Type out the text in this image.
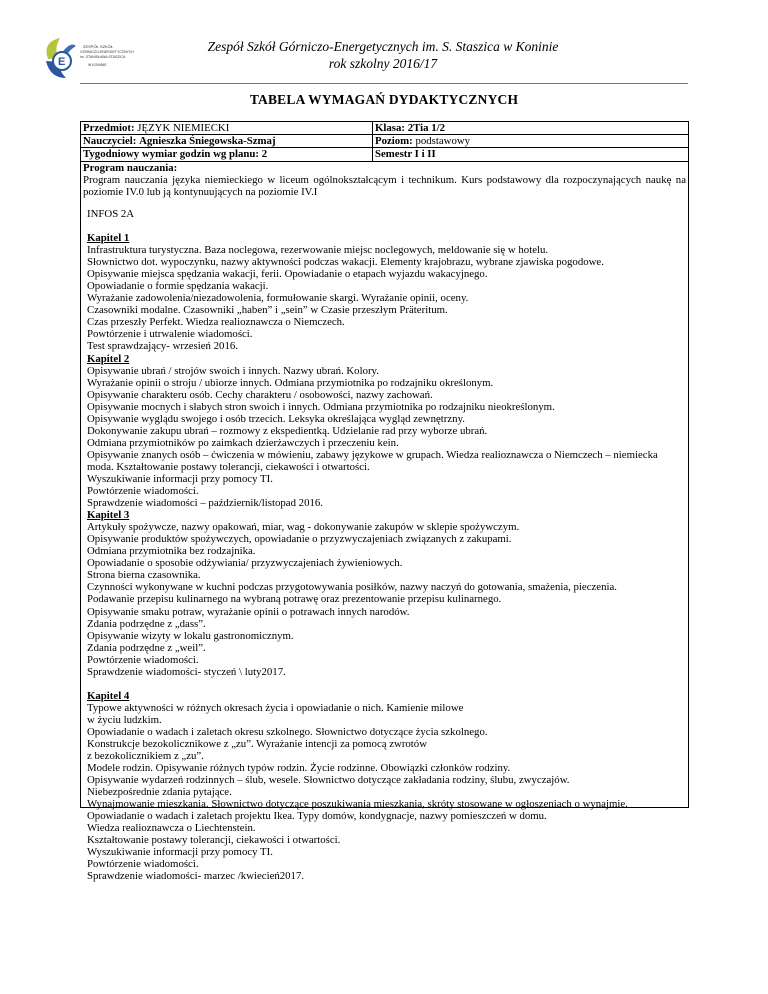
E
ZESPÓŁ SZKÓŁ
GÓRNICZO-ENERGETYCZNYCH
im. STANISŁAWA STASZICA
W KONINIE
Zespół Szkół Górniczo-Energetycznych im. S. Staszica w Koninie
rok szkolny 2016/17
TABELA WYMAGAŃ DYDAKTYCZNYCH
Przedmiot: JĘZYK NIEMIECKI	Klasa: 2Tia 1/2
Nauczyciel: Agnieszka Śniegowska-Szmaj	Poziom: podstawowy
Tygodniowy wymiar godzin wg planu: 2	Semestr I i II

Program nauczania:
Program nauczania języka niemieckiego w liceum ogólnokształcącym i technikum. Kurs podstawowy dla rozpoczynających naukę na poziomie IV.0 lub ją kontynuujących na poziomie IV.I	
INFOS 2A
Kapitel 1
Infrastruktura turystyczna. Baza noclegowa, rezerwowanie miejsc noclegowych, meldowanie się w hotelu.
Słownictwo dot. wypoczynku, nazwy aktywności podczas wakacji. Elementy krajobrazu, wybrane zjawiska pogodowe.
Opisywanie miejsca spędzania wakacji, ferii. Opowiadanie o etapach wyjazdu wakacyjnego.
Opowiadanie o formie spędzania wakacji.
Wyrażanie zadowolenia/niezadowolenia, formułowanie skargi. Wyrażanie opinii, oceny.
Czasowniki modalne. Czasowniki „haben” i „sein” w Czasie przeszłym Präteritum.
Czas przeszły Perfekt. Wiedza realioznawcza o Niemczech.
Powtórzenie i utrwalenie wiadomości.
Test sprawdzający- wrzesień 2016.
Kapitel 2
Opisywanie ubrań / strojów swoich i innych. Nazwy ubrań. Kolory.
Wyrażanie opinii o stroju / ubiorze innych. Odmiana przymiotnika po rodzajniku określonym.
Opisywanie charakteru osób. Cechy charakteru / osobowości, nazwy zachowań.
Opisywanie mocnych i słabych stron swoich i innych. Odmiana przymiotnika po rodzajniku nieokreślonym.
Opisywanie wyglądu swojego i osób trzecich. Leksyka określająca wygląd zewnętrzny.
Dokonywanie zakupu ubrań – rozmowy z ekspedientką. Udzielanie rad przy wyborze ubrań.
Odmiana przymiotników po zaimkach dzierżawczych i przeczeniu kein.
Opisywanie znanych osób – ćwiczenia w mówieniu, zabawy językowe w grupach. Wiedza realioznawcza o Niemczech – niemiecka
moda. Kształtowanie postawy tolerancji, ciekawości i otwartości.
Wyszukiwanie informacji przy pomocy TI.
Powtórzenie wiadomości.
Sprawdzenie wiadomości – październik/listopad 2016.
Kapitel 3
Artykuły spożywcze, nazwy opakowań, miar, wag - dokonywanie zakupów w sklepie spożywczym.
Opisywanie produktów spożywczych, opowiadanie o przyzwyczajeniach związanych z zakupami.
Odmiana przymiotnika bez rodzajnika.
Opowiadanie o sposobie odżywiania/ przyzwyczajeniach żywieniowych.
Strona bierna czasownika.
Czynności wykonywane w kuchni podczas przygotowywania posiłków, nazwy naczyń do gotowania, smażenia, pieczenia.
Podawanie przepisu kulinarnego na wybraną potrawę oraz prezentowanie przepisu kulinarnego.
Opisywanie smaku potraw, wyrażanie opinii o potrawach innych narodów.
Zdania podrzędne z „dass”.
Opisywanie wizyty w lokalu gastronomicznym.
Zdania podrzędne z „weil”.
Powtórzenie wiadomości.
Sprawdzenie wiadomości- styczeń \ luty2017.
Kapitel 4
Typowe aktywności w różnych okresach życia i opowiadanie o nich. Kamienie milowe
w życiu ludzkim.
Opowiadanie o wadach i zaletach okresu szkolnego. Słownictwo dotyczące życia szkolnego.
Konstrukcje bezokolicznikowe z „zu”. Wyrażanie intencji za pomocą zwrotów
z bezokolicznikiem z „zu”.
Modele rodzin. Opisywanie różnych typów rodzin. Życie rodzinne. Obowiązki członków rodziny.
Opisywanie wydarzeń rodzinnych – ślub, wesele. Słownictwo dotyczące zakładania rodziny, ślubu, zwyczajów.
Niebezpośrednie zdania pytające.
Wynajmowanie mieszkania. Słownictwo dotyczące poszukiwania mieszkania, skróty stosowane w ogłoszeniach o wynajmie.
Opowiadanie o wadach i zaletach projektu Ikea. Typy domów, kondygnacje, nazwy pomieszczeń w domu.
Wiedza realioznawcza o Liechtenstein.
Kształtowanie postawy tolerancji, ciekawości i otwartości.
Wyszukiwanie informacji przy pomocy TI.
Powtórzenie wiadomości.
Sprawdzenie wiadomości- marzec /kwiecień2017.
